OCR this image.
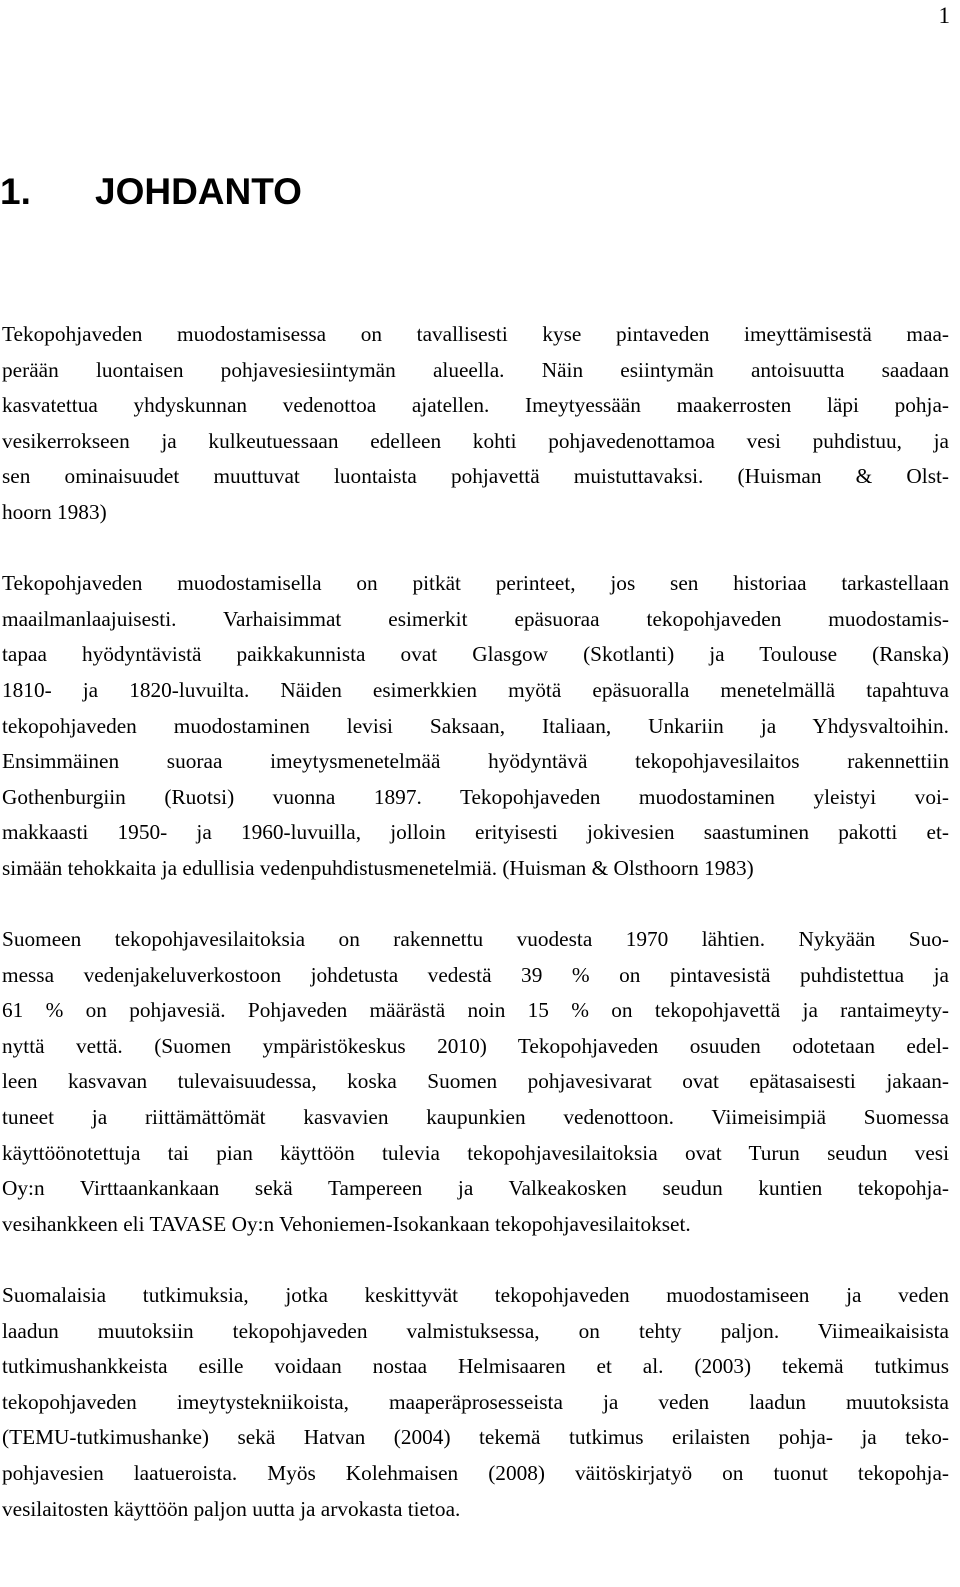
1
1. JOHDANTO

Tekopohjaveden muodostamisessa on tavallisesti kyse pintaveden imeyttämisestä maa-
perään luontaisen pohjavesiesiintymän alueella. Näin esiintymän antoisuutta saadaan
kasvatettua yhdyskunnan vedenottoa ajatellen. Imeytyessään maakerrosten läpi pohja-
vesikerrokseen ja kulkeutuessaan edelleen kohti pohjavedenottamoa vesi puhdistuu, ja
sen ominaisuudet muuttuvat luontaista pohjavettä muistuttavaksi. (Huisman & Olst-
hoorn 1983)

Tekopohjaveden muodostamisella on pitkät perinteet, jos sen historiaa tarkastellaan
maailmanlaajuisesti. Varhaisimmat esimerkit epäsuoraa tekopohjaveden muodostamis-
tapaa hyödyntävistä paikkakunnista ovat Glasgow (Skotlanti) ja Toulouse (Ranska)
1810- ja 1820-luvuilta. Näiden esimerkkien myötä epäsuoralla menetelmällä tapahtuva
tekopohjaveden muodostaminen levisi Saksaan, Italiaan, Unkariin ja Yhdysvaltoihin.
Ensimmäinen suoraa imeytysmenetelmää hyödyntävä tekopohjavesilaitos rakennettiin
Gothenburgiin (Ruotsi) vuonna 1897. Tekopohjaveden muodostaminen yleistyi voi-
makkaasti 1950- ja 1960-luvuilla, jolloin erityisesti jokivesien saastuminen pakotti et-
simään tehokkaita ja edullisia vedenpuhdistusmenetelmiä. (Huisman & Olsthoorn 1983)

Suomeen tekopohjavesilaitoksia on rakennettu vuodesta 1970 lähtien. Nykyään Suo-
messa vedenjakeluverkostoon johdetusta vedestä 39 % on pintavesistä puhdistettua ja
61 % on pohjavesiä. Pohjaveden määrästä noin 15 % on tekopohjavettä ja rantaimeyty-
nyttä vettä. (Suomen ympäristökeskus 2010) Tekopohjaveden osuuden odotetaan edel-
leen kasvavan tulevaisuudessa, koska Suomen pohjavesivarat ovat epätasaisesti jakaan-
tuneet ja riittämättömät kasvavien kaupunkien vedenottoon. Viimeisimpiä Suomessa
käyttöönotettuja tai pian käyttöön tulevia tekopohjavesilaitoksia ovat Turun seudun vesi
Oy:n Virttaankankaan sekä Tampereen ja Valkeakosken seudun kuntien tekopohja-
vesihankkeen eli TAVASE Oy:n Vehoniemen-Isokankaan tekopohjavesilaitokset.

Suomalaisia tutkimuksia, jotka keskittyvät tekopohjaveden muodostamiseen ja veden
laadun muutoksiin tekopohjaveden valmistuksessa, on tehty paljon. Viimeaikaisista
tutkimushankkeista esille voidaan nostaa Helmisaaren et al. (2003) tekemä tutkimus
tekopohjaveden imeytystekniikoista, maaperäprosesseista ja veden laadun muutoksista
(TEMU-tutkimushanke) sekä Hatvan (2004) tekemä tutkimus erilaisten pohja- ja teko-
pohjavesien laatueroista. Myös Kolehmaisen (2008) väitöskirjatyö on tuonut tekopohja-
vesilaitosten käyttöön paljon uutta ja arvokasta tietoa.
